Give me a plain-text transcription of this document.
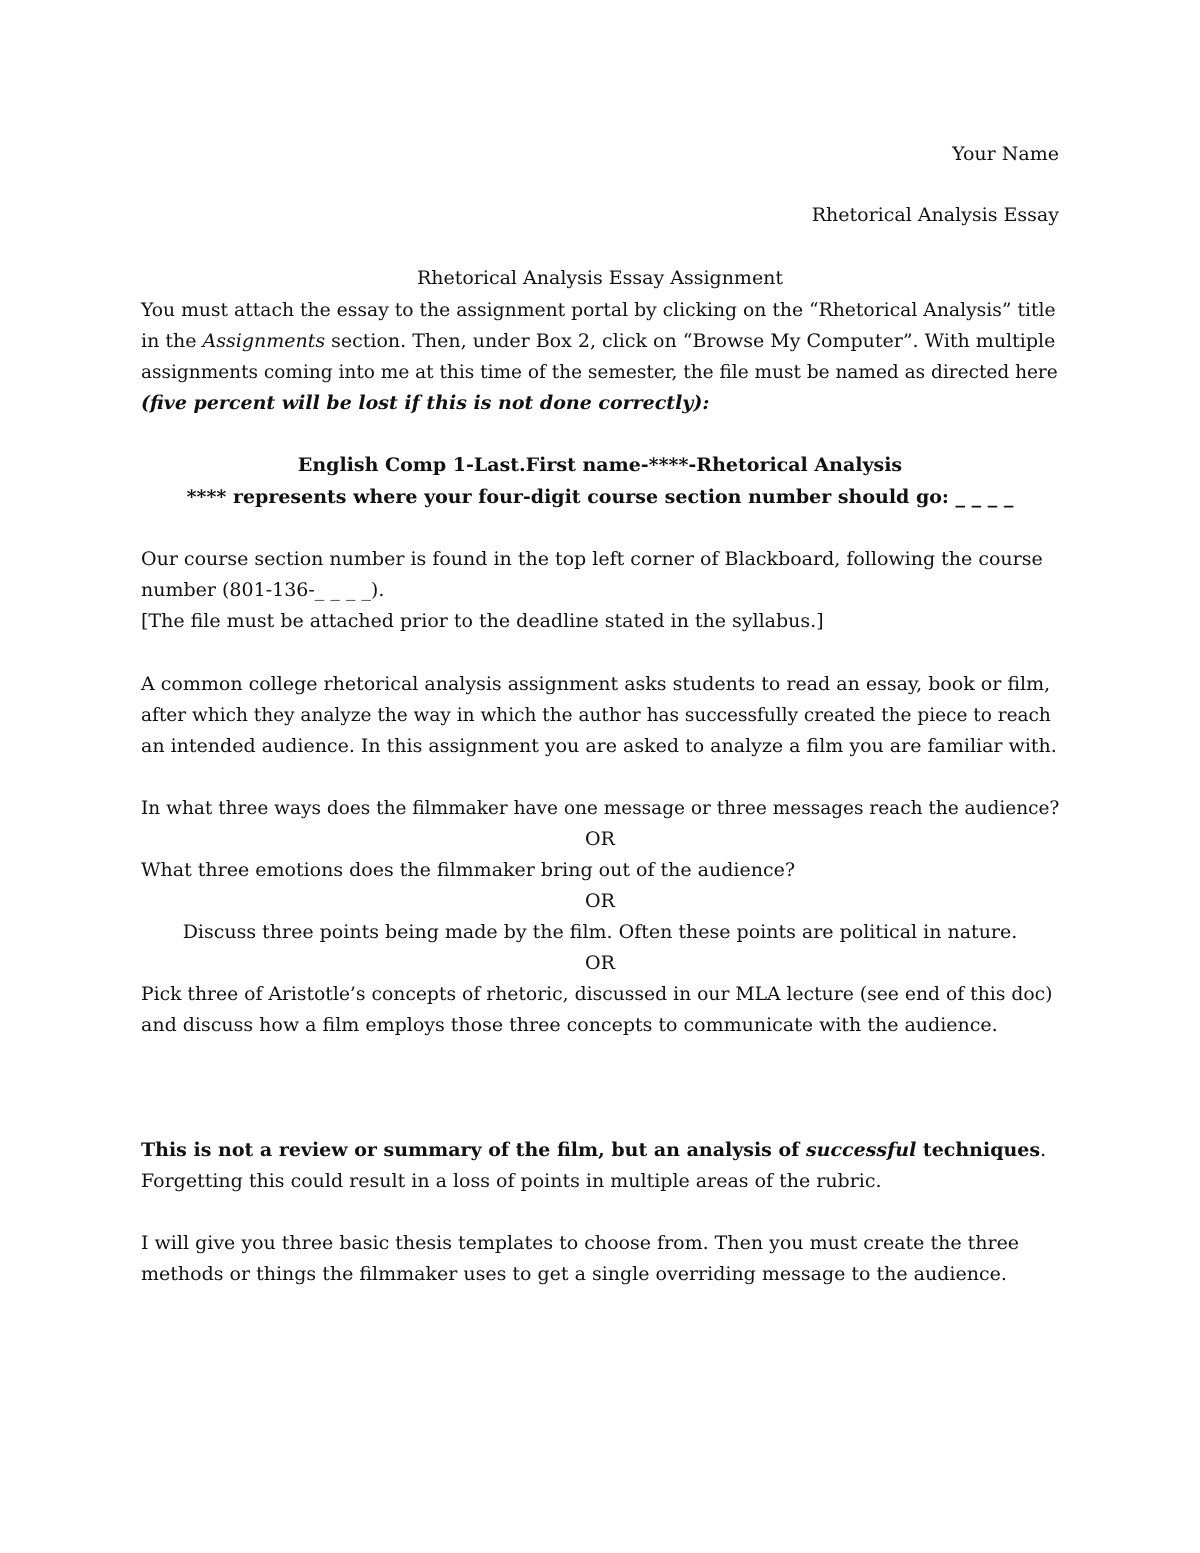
Your Name
Rhetorical Analysis Essay
Rhetorical Analysis Essay Assignment
You must attach the essay to the assignment portal by clicking on the “Rhetorical Analysis” title
in the Assignments section. Then, under Box 2, click on “Browse My Computer”. With multiple
assignments coming into me at this time of the semester, the file must be named as directed here
(five percent will be lost if this is not done correctly):
English Comp 1-Last.First name-****-Rhetorical Analysis
**** represents where your four-digit course section number should go: _ _ _ _
Our course section number is found in the top left corner of Blackboard, following the course
number (801-136-_ _ _ _).
[The file must be attached prior to the deadline stated in the syllabus.]
A common college rhetorical analysis assignment asks students to read an essay, book or film,
after which they analyze the way in which the author has successfully created the piece to reach
an intended audience. In this assignment you are asked to analyze a film you are familiar with.
In what three ways does the filmmaker have one message or three messages reach the audience?
OR
What three emotions does the filmmaker bring out of the audience?
OR
Discuss three points being made by the film. Often these points are political in nature.
OR
Pick three of Aristotle’s concepts of rhetoric, discussed in our MLA lecture (see end of this doc)
and discuss how a film employs those three concepts to communicate with the audience.
This is not a review or summary of the film, but an analysis of successful techniques.
Forgetting this could result in a loss of points in multiple areas of the rubric.
I will give you three basic thesis templates to choose from. Then you must create the three
methods or things the filmmaker uses to get a single overriding message to the audience.
